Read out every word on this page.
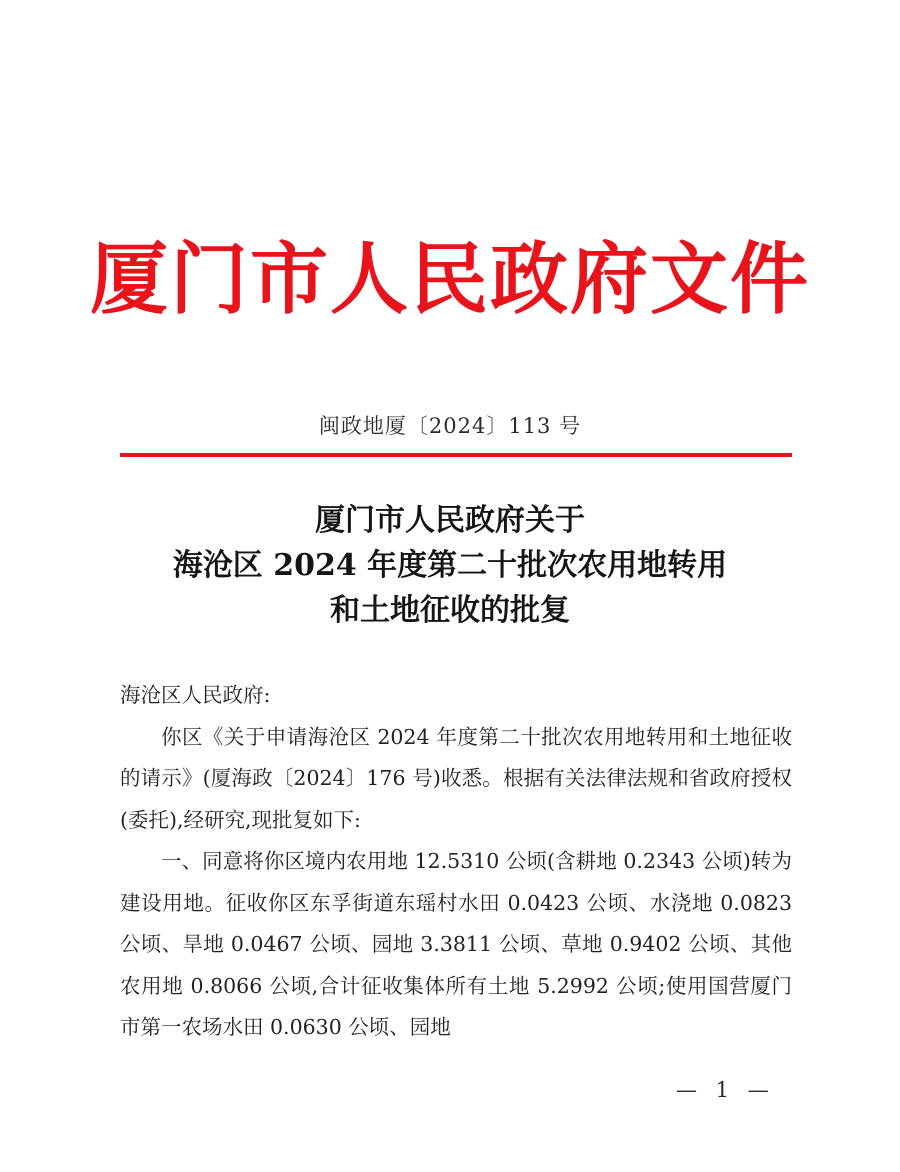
厦门市人民政府文件
闽政地厦〔2024〕113 号
厦门市人民政府关于
海沧区 2024 年度第二十批次农用地转用
和土地征收的批复

海沧区人民政府:

你区《关于申请海沧区 2024 年度第二十批次农用地转用和土地征收的请示》(厦海政〔2024〕176 号)收悉。根据有关法律法规和省政府授权(委托),经研究,现批复如下:

一、同意将你区境内农用地 12.5310 公顷(含耕地 0.2343 公顷)转为建设用地。征收你区东孚街道东瑶村水田 0.0423 公顷、水浇地 0.0823 公顷、旱地 0.0467 公顷、园地 3.3811 公顷、草地 0.9402 公顷、其他农用地 0.8066 公顷,合计征收集体所有土地 5.2992 公顷;使用国营厦门市第一农场水田 0.0630 公顷、园地

— 1 —
